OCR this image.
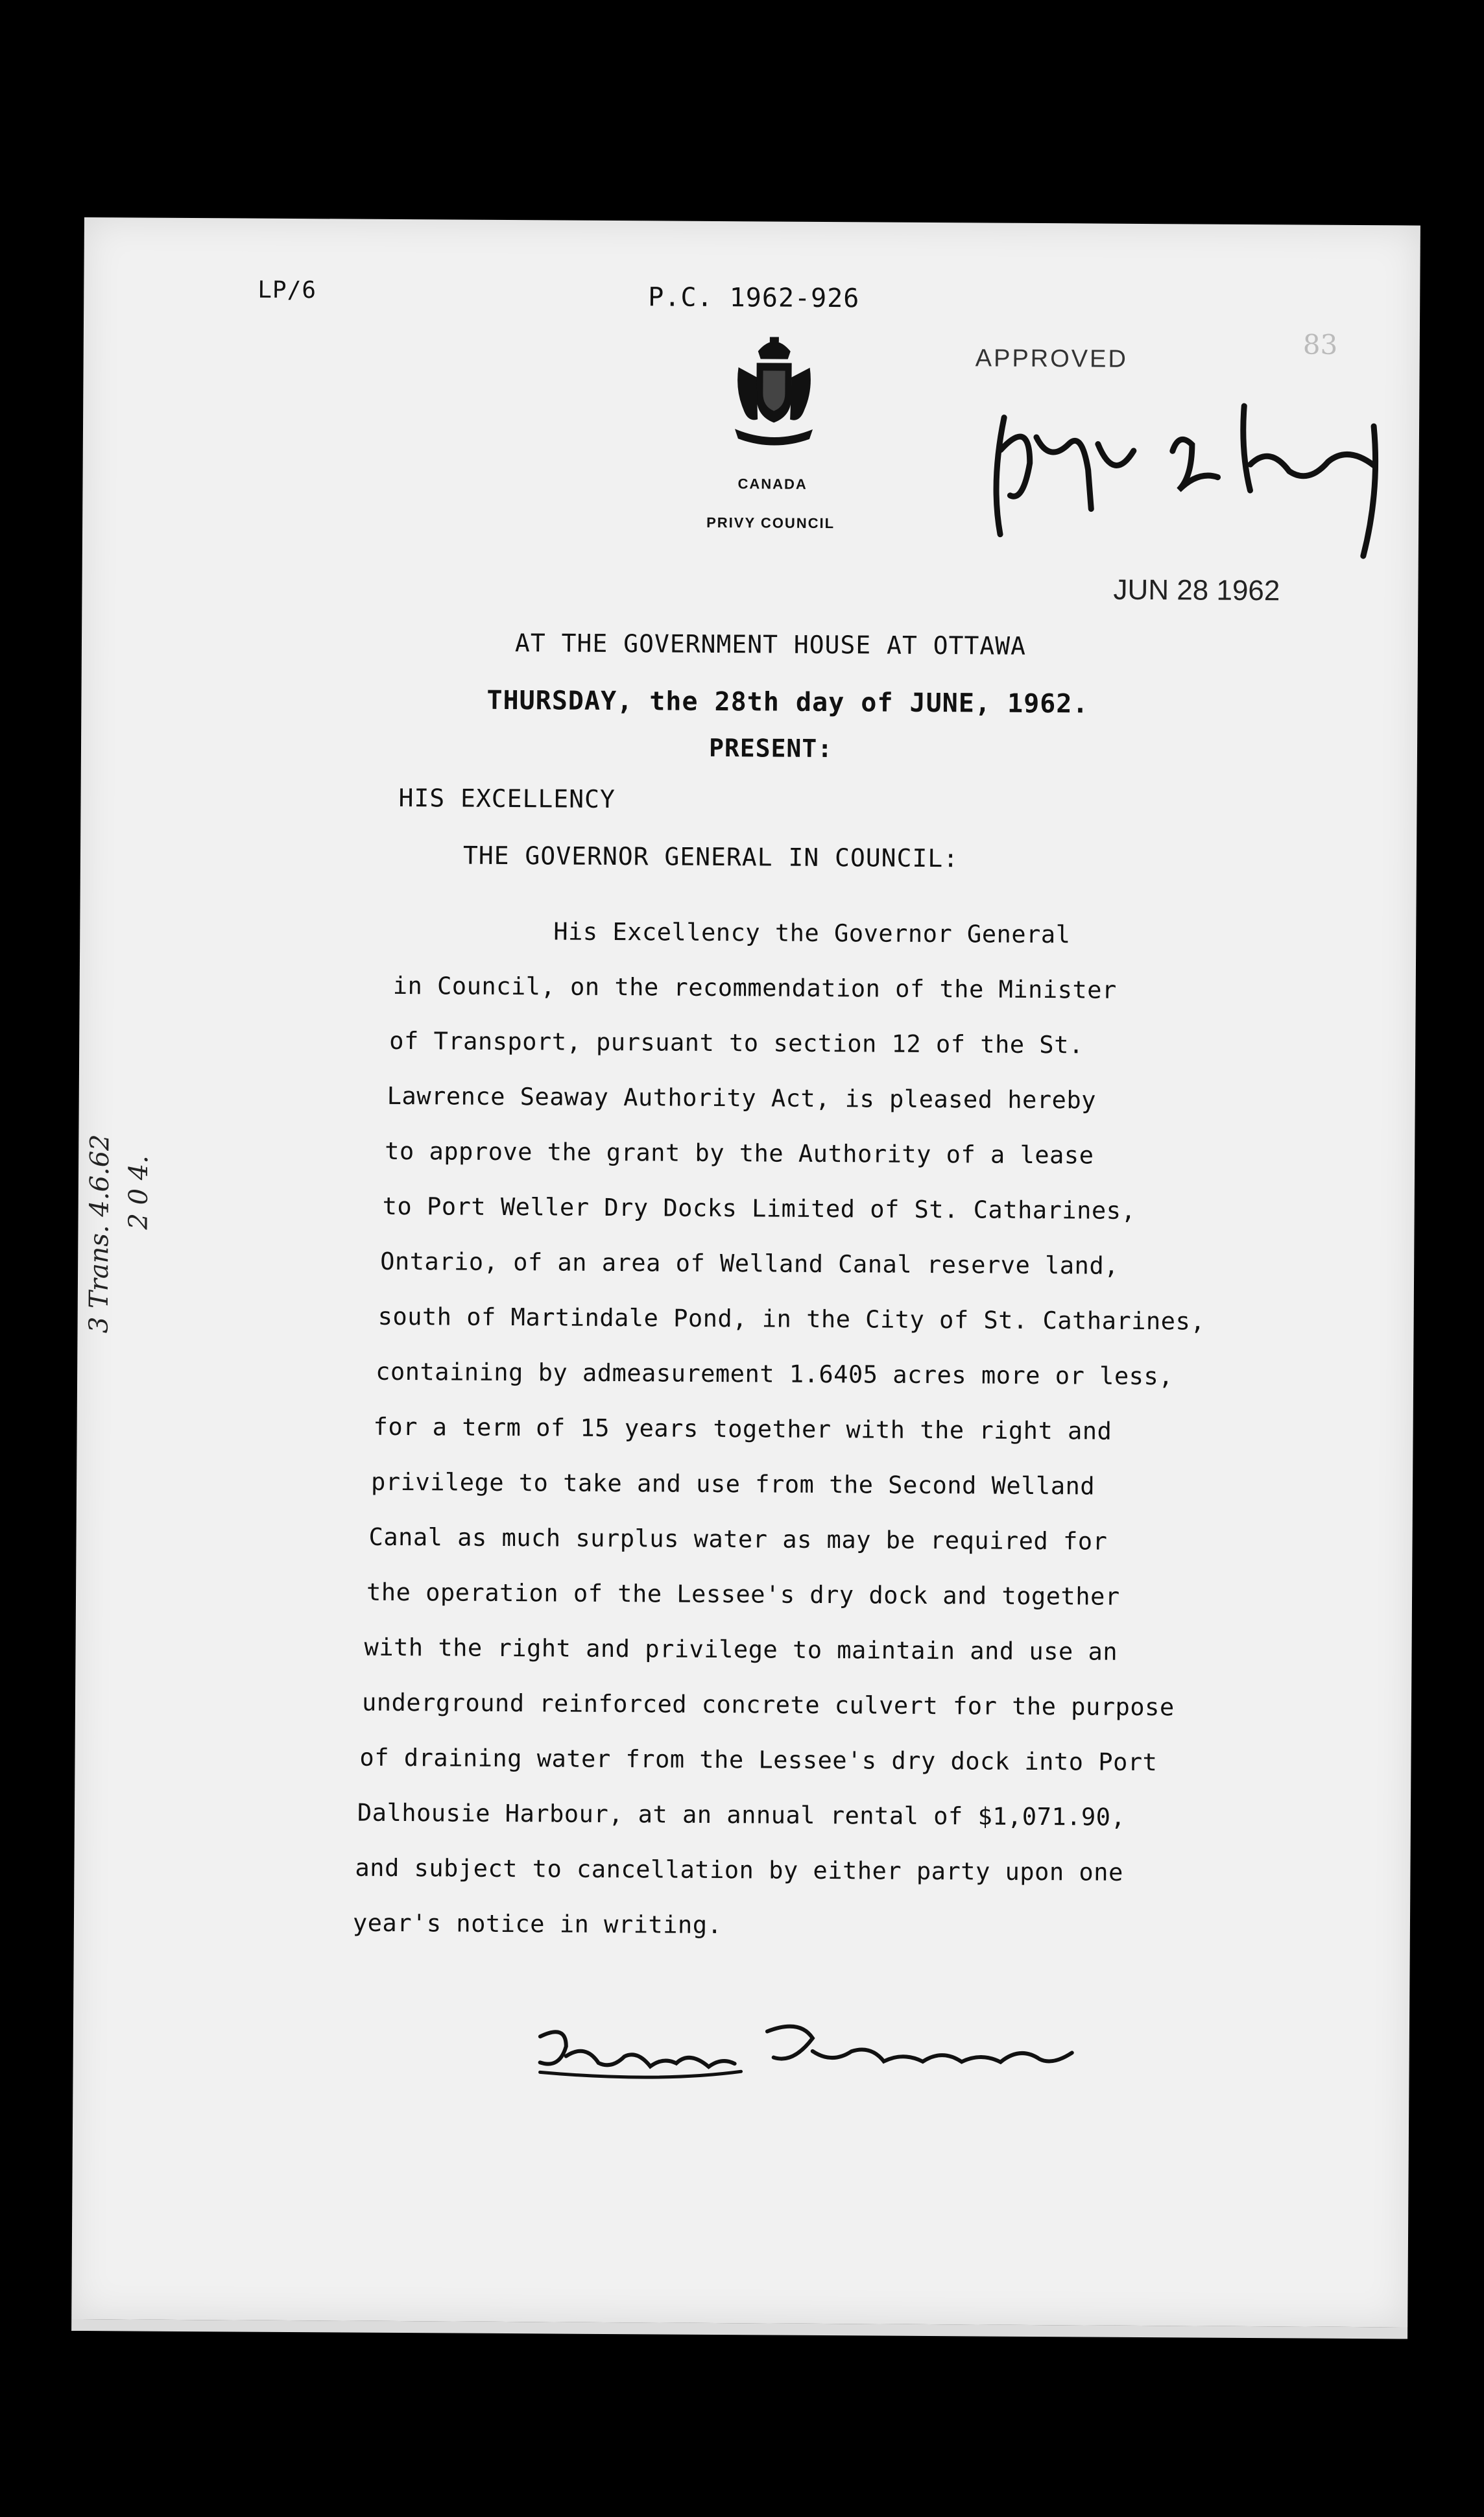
LP/6	P.C. 1962-926
83
CANADA
PRIVY COUNCIL
APPROVED
JUN 28 1962
AT THE GOVERNMENT HOUSE AT OTTAWA
THURSDAY, the 28th day of JUNE, 1962.
PRESENT:
HIS EXCELLENCY
THE GOVERNOR GENERAL IN COUNCIL:
His Excellency the Governor General
in Council, on the recommendation of the Minister
of Transport, pursuant to section 12 of the St.
Lawrence Seaway Authority Act, is pleased hereby
to approve the grant by the Authority of a lease
to Port Weller Dry Docks Limited of St. Catharines,
Ontario, of an area of Welland Canal reserve land,
south of Martindale Pond, in the City of St. Catharines,
containing by admeasurement 1.6405 acres more or less,
for a term of 15 years together with the right and
privilege to take and use from the Second Welland
Canal as much surplus water as may be required for
the operation of the Lessee's dry dock and together
with the right and privilege to maintain and use an
underground reinforced concrete culvert for the purpose
of draining water from the Lessee's dry dock into Port
Dalhousie Harbour, at an annual rental of $1,071.90,
and subject to cancellation by either party upon one
year's notice in writing.
3 Trans. 4.6.62 2 0 4.
